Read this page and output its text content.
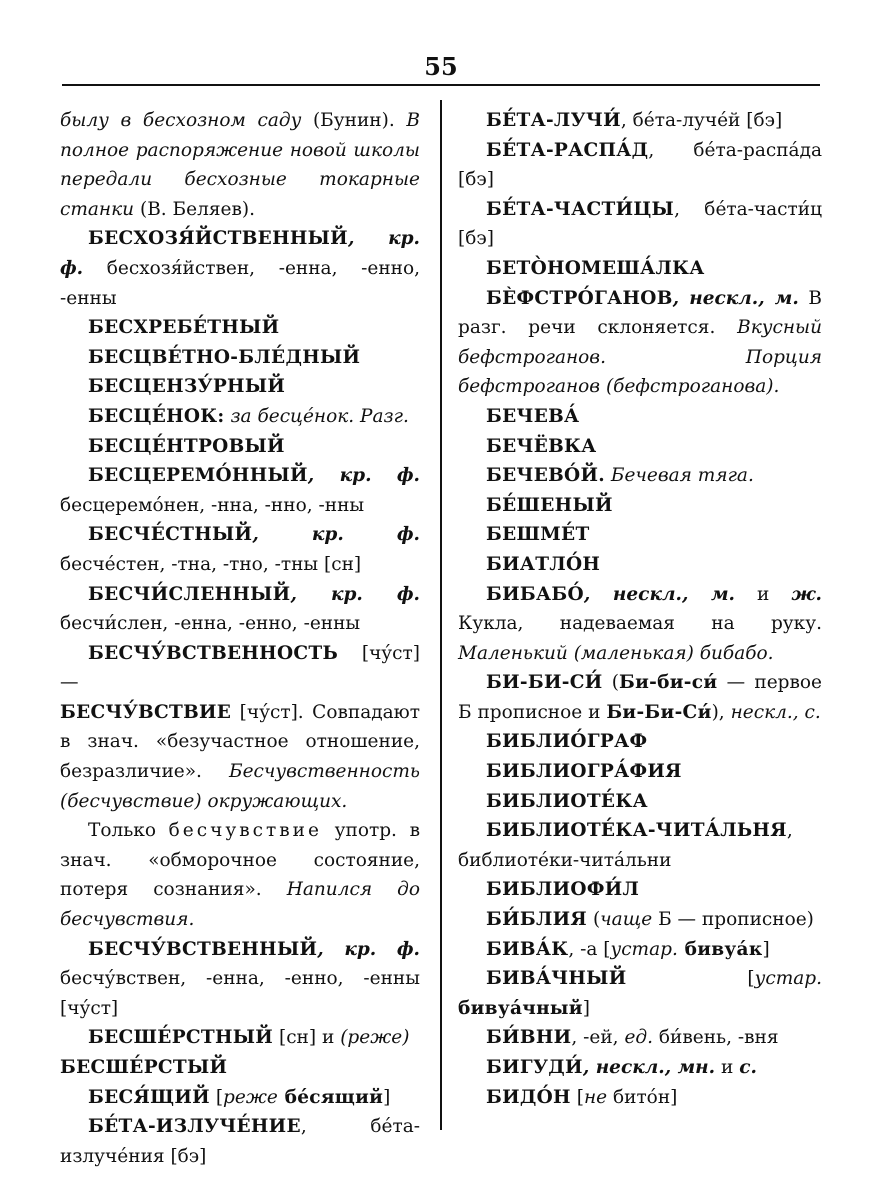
55

былу в бесхозном саду (Бунин). В полное распоряжение новой школы передали бесхозные токарные станки (В. Беляев).

БЕСХОЗЯ́ЙСТВЕННЫЙ, кр. ф. бесхозя́йствен, -енна, -енно, -енны

БЕСХРЕБЕ́ТНЫЙ

БЕСЦВЕ́ТНО-БЛЕ́ДНЫЙ

БЕСЦЕНЗУ́РНЫЙ

БЕСЦЕ́НОК: за бесце́нок. Разг.

БЕСЦЕ́НТРОВЫЙ

БЕСЦЕРЕМО́ННЫЙ, кр. ф. бесцеремо́нен, -нна, -нно, -нны

БЕСЧЕ́СТНЫЙ, кр. ф. бесче́стен, -тна, -тно, -тны [сн]

БЕСЧИ́СЛЕННЫЙ, кр. ф. бесчи́слен, -енна, -енно, -енны

БЕСЧУ́ВСТВЕННОСТЬ [чу́ст] —

БЕСЧУ́ВСТВИЕ [чу́ст]. Совпадают в знач. «безучастное отношение, безразличие». Бесчувственность (бесчувствие) окружающих.

Только бесчувствие употр. в знач. «обморочное состояние, потеря сознания». Напился до бесчувствия.

БЕСЧУ́ВСТВЕННЫЙ, кр. ф. бесчу́вствен, -енна, -енно, -енны [чу́ст]

БЕСШЕ́РСТНЫЙ [сн] и (реже)

БЕСШЕ́РСТЫЙ

БЕСЯ́ЩИЙ [реже бе́сящий]

БЕ́ТА-ИЗЛУЧЕ́НИЕ, бе́та-излуче́ния [бэ]

БЕ́ТА-ЛУЧИ́, бе́та-луче́й [бэ]

БЕ́ТА-РАСПА́Д, бе́та-распа́да [бэ]

БЕ́ТА-ЧАСТИ́ЦЫ, бе́та-части́ц [бэ]

БЕТО̀НОМЕША́ЛКА

БЀФСТРО́ГАНОВ, нескл., м. В разг. речи склоняется. Вкусный бефстроганов. Порция бефстроганов (бефстроганова).

БЕЧЕВА́

БЕЧЁВКА

БЕЧЕВО́Й. Бечевая тяга.

БЕ́ШЕНЫЙ

БЕШМЕ́Т

БИАТЛО́Н

БИБАБО́, нескл., м. и ж. Кукла, надеваемая на руку. Маленький (маленькая) бибабо.

БИ-БИ-СИ́ (Би-би-си́ — первое Б прописное и Би-Би-Си́), нескл., с.

БИБЛИО́ГРАФ

БИБЛИОГРА́ФИЯ

БИБЛИОТЕ́КА

БИБЛИОТЕ́КА-ЧИТА́ЛЬНЯ, библиоте́ки-чита́льни

БИБЛИОФИ́Л

БИ́БЛИЯ (чаще Б — прописное)

БИВА́К, -а [устар. бивуа́к]

БИВА́ЧНЫЙ [устар. бивуа́чный]

БИ́ВНИ, -ей, ед. би́вень, -вня

БИГУДИ́, нескл., мн. и с.

БИДО́Н [не бито́н]
